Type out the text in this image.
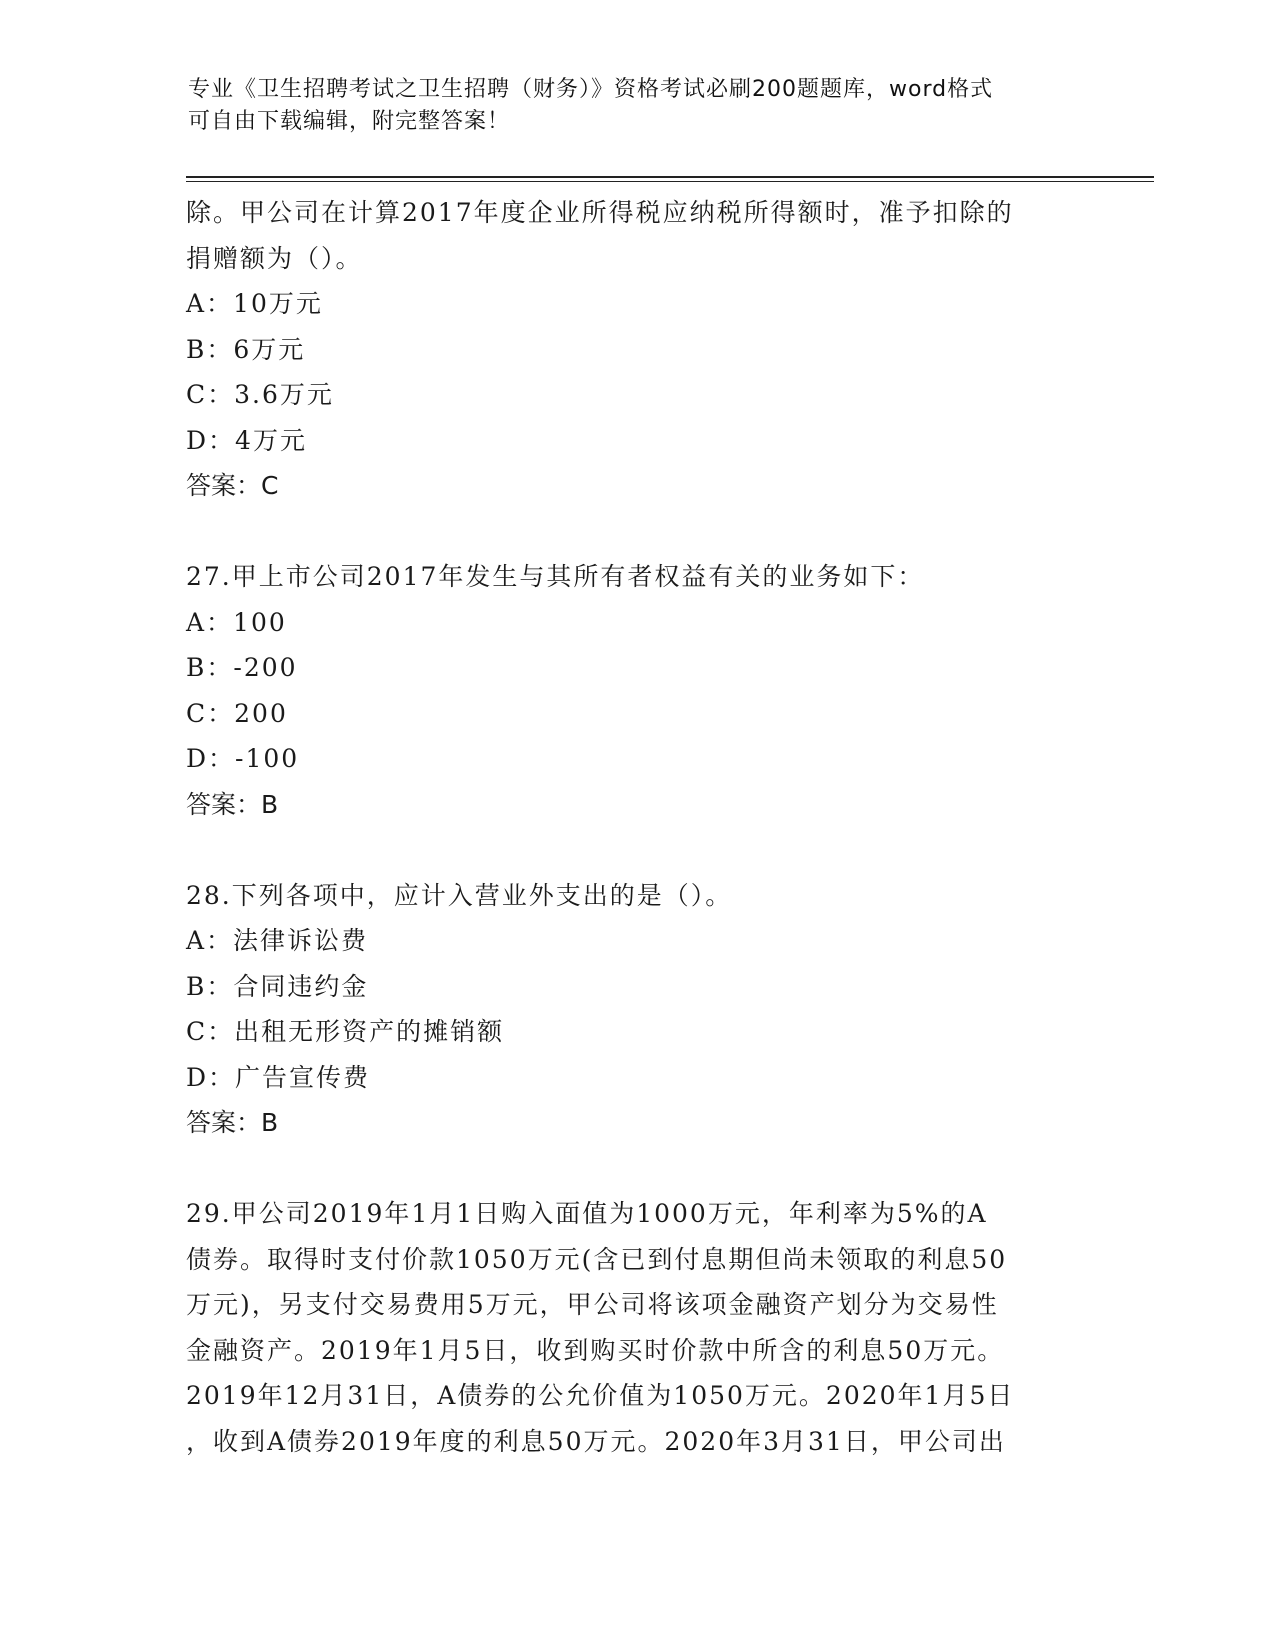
专业《卫生招聘考试之卫生招聘（财务）》资格考试必刷200题题库，word格式
可自由下载编辑，附完整答案！
除。甲公司在计算2017年度企业所得税应纳税所得额时，准予扣除的
捐赠额为（）。
A：10万元
B：6万元
C：3.6万元
D：4万元
答案：C
27.甲上市公司2017年发生与其所有者权益有关的业务如下：
A：100
B：-200
C：200
D：-100
答案：B
28.下列各项中，应计入营业外支出的是（）。
A：法律诉讼费
B：合同违约金
C：出租无形资产的摊销额
D：广告宣传费
答案：B
29.甲公司2019年1月1日购入面值为1000万元，年利率为5%的A
债券。取得时支付价款1050万元(含已到付息期但尚未领取的利息50
万元)，另支付交易费用5万元，甲公司将该项金融资产划分为交易性
金融资产。2019年1月5日，收到购买时价款中所含的利息50万元。
2019年12月31日，A债券的公允价值为1050万元。2020年1月5日
，收到A债券2019年度的利息50万元。2020年3月31日，甲公司出
